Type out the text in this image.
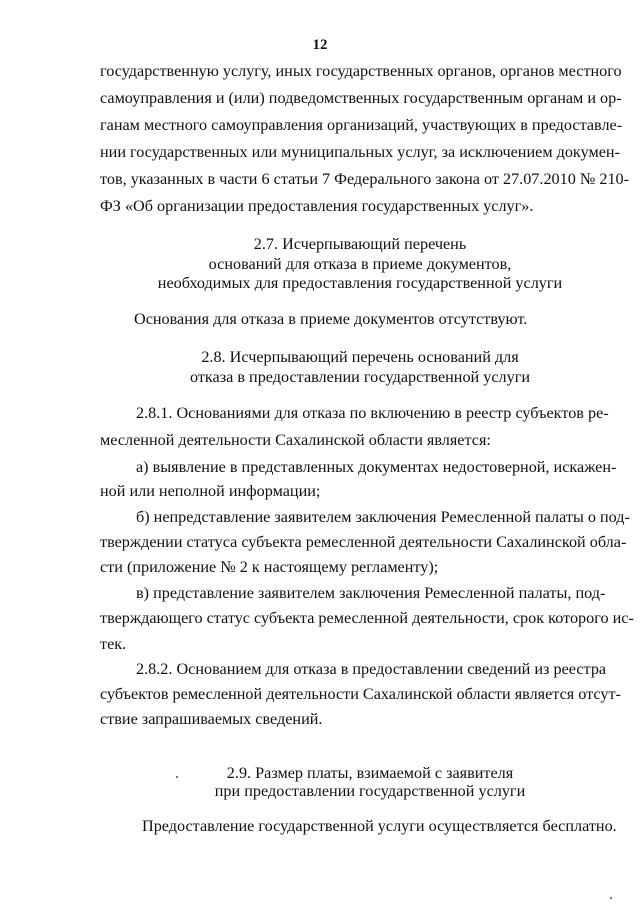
12
государственную услугу, иных государственных органов, органов местного
самоуправления и (или) подведомственных государственным органам и ор-
ганам местного самоуправления организаций, участвующих в предоставле-
нии государственных или муниципальных услуг, за исключением докумен-
тов, указанных в части 6 статьи 7 Федерального закона от 27.07.2010 № 210-
ФЗ «Об организации предоставления государственных услуг».
2.7. Исчерпывающий перечень
оснований для отказа в приеме документов,
необходимых для предоставления государственной услуги
Основания для отказа в приеме документов отсутствуют.
2.8. Исчерпывающий перечень оснований для
отказа в предоставлении государственной услуги
2.8.1. Основаниями для отказа по включению в реестр субъектов ре-
месленной деятельности Сахалинской области является:
а) выявление в представленных документах недостоверной, искажен-
ной или неполной информации;
б) непредставление заявителем заключения Ремесленной палаты о под-
тверждении статуса субъекта ремесленной деятельности Сахалинской обла-
сти (приложение № 2 к настоящему регламенту);
в) представление заявителем заключения Ремесленной палаты, под-
тверждающего статус субъекта ремесленной деятельности, срок которого ис-
тек.
2.8.2. Основанием для отказа в предоставлении сведений из реестра
субъектов ремесленной деятельности Сахалинской области является отсут-
ствие запрашиваемых сведений.
2.9. Размер платы, взимаемой с заявителя
при предоставлении государственной услуги
Предоставление государственной услуги осуществляется бесплатно.
